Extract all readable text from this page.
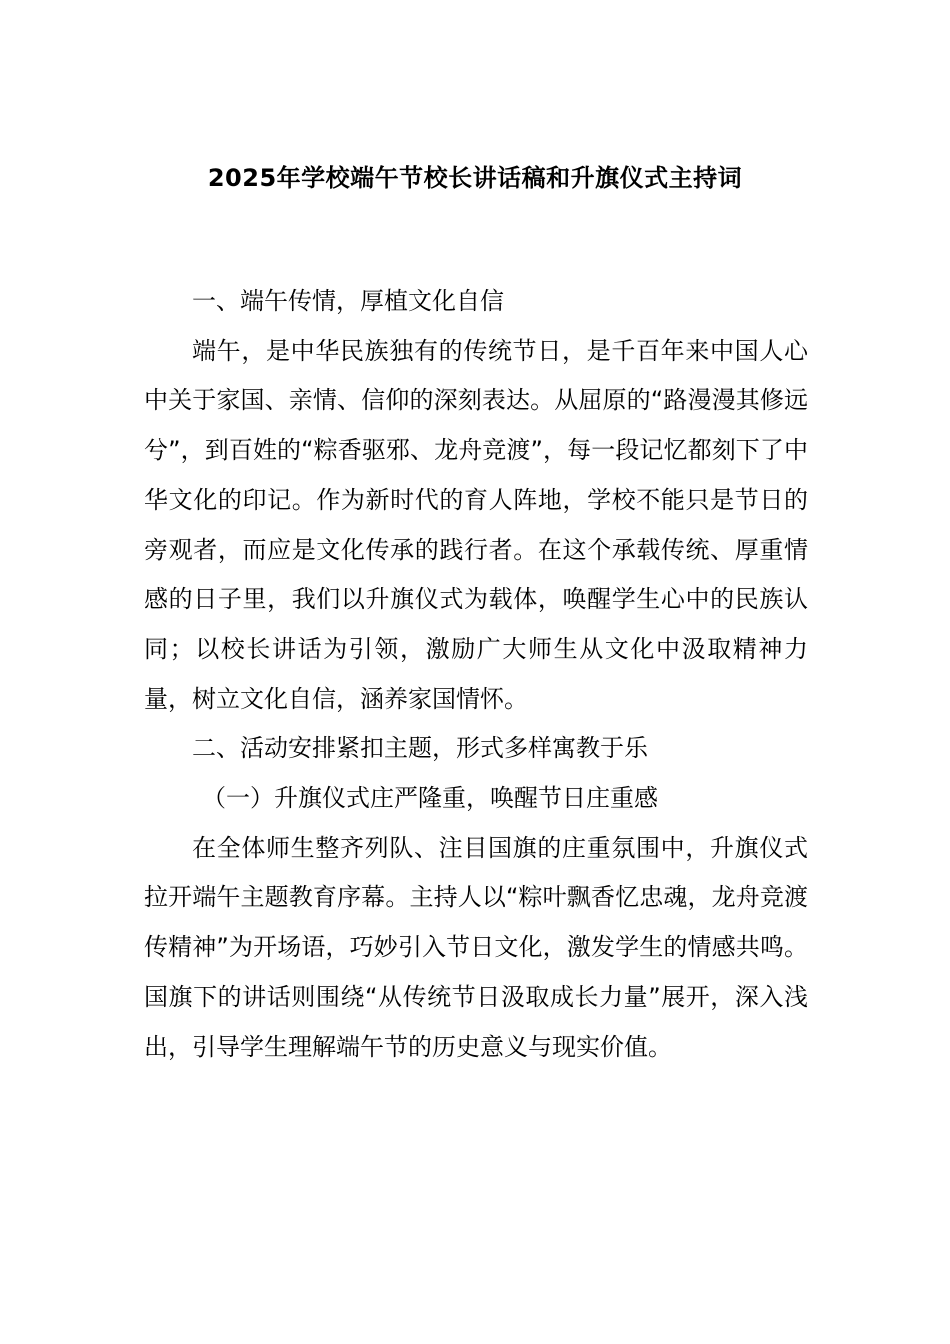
2025年学校端午节校长讲话稿和升旗仪式主持词

一、端午传情，厚植文化自信

端午，是中华民族独有的传统节日，是千百年来中国人心中关于家国、亲情、信仰的深刻表达。从屈原的“路漫漫其修远兮”，到百姓的“粽香驱邪、龙舟竞渡”，每一段记忆都刻下了中华文化的印记。作为新时代的育人阵地，学校不能只是节日的旁观者，而应是文化传承的践行者。在这个承载传统、厚重情感的日子里，我们以升旗仪式为载体，唤醒学生心中的民族认同；以校长讲话为引领，激励广大师生从文化中汲取精神力量，树立文化自信，涵养家国情怀。

二、活动安排紧扣主题，形式多样寓教于乐

（一）升旗仪式庄严隆重，唤醒节日庄重感

在全体师生整齐列队、注目国旗的庄重氛围中，升旗仪式拉开端午主题教育序幕。主持人以“粽叶飘香忆忠魂，龙舟竞渡传精神”为开场语，巧妙引入节日文化，激发学生的情感共鸣。国旗下的讲话则围绕“从传统节日汲取成长力量”展开，深入浅出，引导学生理解端午节的历史意义与现实价值。
